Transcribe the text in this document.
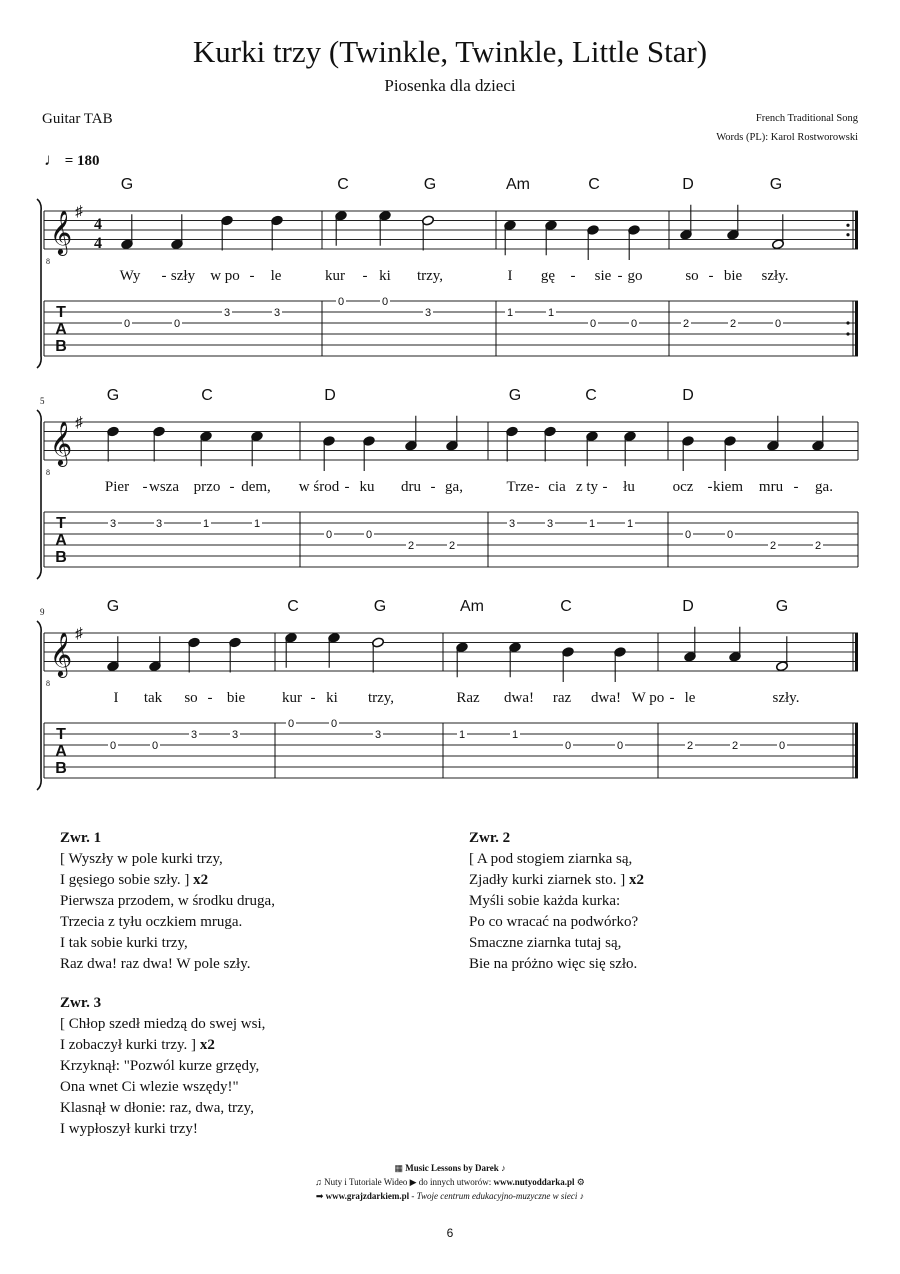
Kurki trzy (Twinkle, Twinkle, Little Star)
Piosenka dla dzieci
Guitar TAB	French Traditional Song
Words (PL): Karol Rostworowski
♩ = 180
𝄞
8
♯
4
4
T
A
B
G	C	G	Am	C	D	G
Wy - szły w po - le	kur - ki trzy,	I gę - sie - go	so - bie szły.
0	0
3	3
0	0
3	1	1
0	0	2	2	0
5
𝄞
8
♯
T
A
B
G	C	D	G	C	D
Pier - wsza przo - dem, w środ - ku dru - ga,	Trze - cia z ty - łu	ocz - kiem mru - ga.
3	3	1	1
0	0
2	2
3	3	1	1
0	0
2	2
9
𝄞
8
♯
T
A
B
G	C	G	Am	C	D	G
I tak so - bie kur - ki trzy,	Raz dwa! raz dwa! W po - le	szły.
0	0
3	3
0	0
3	1	1
0	0	2	2	0
Zwr. 1
[ Wyszły w pole kurki trzy,
I gęsiego sobie szły. ] x2
Pierwsza przodem, w środku druga,
Trzecia z tyłu oczkiem mruga.
I tak sobie kurki trzy,
Raz dwa! raz dwa! W pole szły.
Zwr. 2
[ A pod stogiem ziarnka są,
Zjadły kurki ziarnek sto. ] x2
Myśli sobie każda kurka:
Po co wracać na podwórko?
Smaczne ziarnka tutaj są,
Bie na próżno więc się szło.
Zwr. 3
[ Chłop szedł miedzą do swej wsi,
I zobaczył kurki trzy. ] x2
Krzyknął: "Pozwól kurze grzędy,
Ona wnet Ci wlezie wszędy!"
Klasnął w dłonie: raz, dwa, trzy,
I wypłoszył kurki trzy!
▦ Music Lessons by Darek ♪
♫ Nuty i Tutoriale Wideo ▶ do innych utworów: www.nutyoddarka.pl ⚙
➡ www.grajzdarkiem.pl - Twoje centrum edukacyjno-muzyczne w sieci ♪
6
